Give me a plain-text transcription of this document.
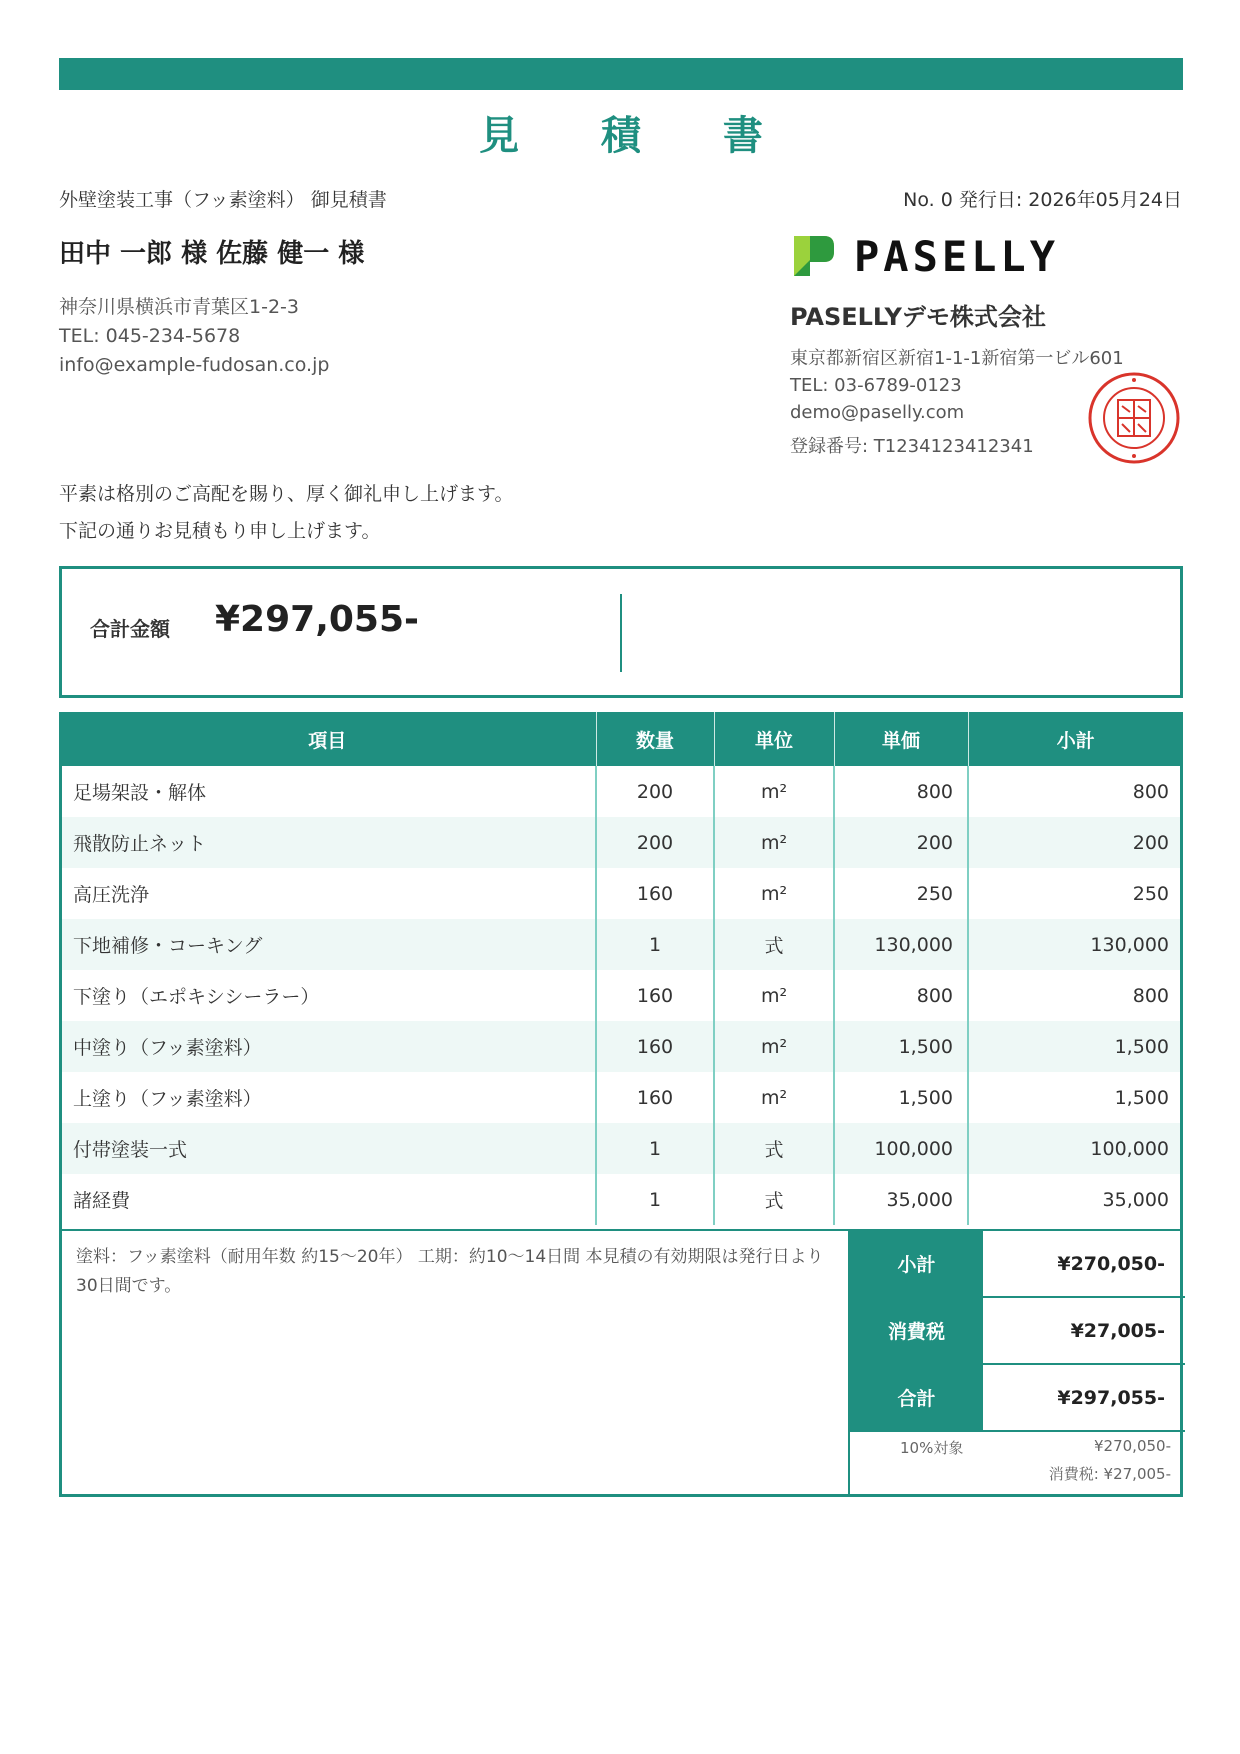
見 積 書
外壁塗装工事（フッ素塗料） 御見積書	No. 0 発行日: 2026年05月24日
田中 一郎 様 佐藤 健一 様
神奈川県横浜市青葉区1-2-3
TEL: 045-234-5678
info@example-fudosan.co.jp
PASELLY
PASELLYデモ株式会社
東京都新宿区新宿1-1-1新宿第一ビル601
TEL: 03-6789-0123
demo@paselly.com
登録番号: T1234123412341
平素は格別のご高配を賜り、厚く御礼申し上げます。
下記の通りお見積もり申し上げます。
合計金額 ¥297,055-
項目	数量	単位	単価	小計
足場架設・解体	200	m²	800	800
飛散防止ネット	200	m²	200	200
高圧洗浄	160	m²	250	250
下地補修・コーキング	1	式	130,000	130,000
下塗り（エポキシシーラー）	160	m²	800	800
中塗り（フッ素塗料）	160	m²	1,500	1,500
上塗り（フッ素塗料）	160	m²	1,500	1,500
付帯塗装一式	1	式	100,000	100,000
諸経費	1	式	35,000	35,000
塗料：フッ素塗料（耐用年数 約15〜20年） 工期：約10〜14日間 本見積の有効期限は発行日より30日間です。
小計	¥270,050-
消費税	¥27,005-
合計	¥297,055-
10%対象	¥270,050-
消費税: ¥27,005-
